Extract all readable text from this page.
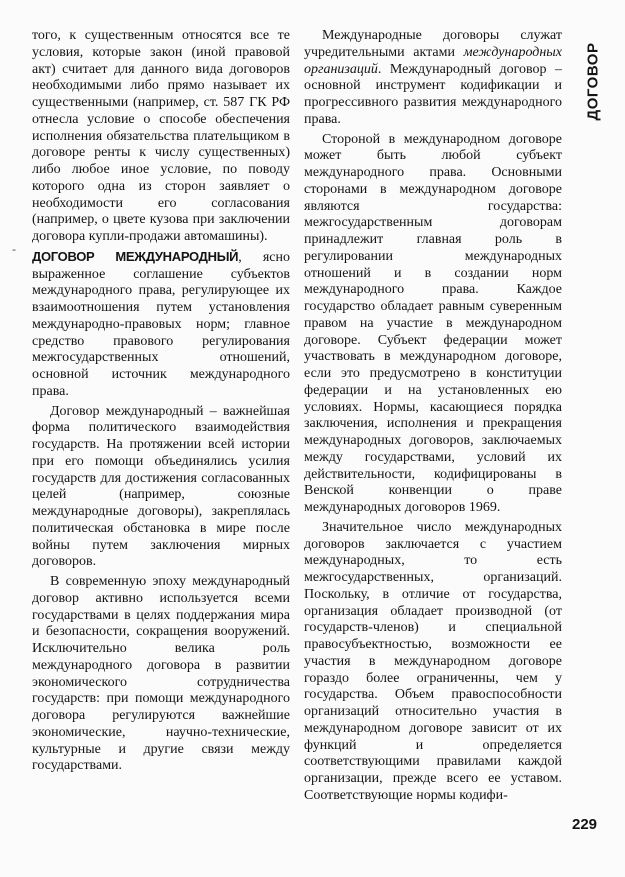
ДОГОВОР
-

того, к существенным относятся все те условия, которые закон (иной правовой акт) считает для данного вида договоров необходимыми либо прямо называет их существенными (например, ст. 587 ГК РФ отнесла условие о способе обеспечения исполнения обязательства плательщиком в договоре ренты к числу существенных) либо любое иное условие, по поводу которого одна из сторон заявляет о необходимости его согласования (например, о цвете кузова при заключении договора купли-продажи автомашины).

ДОГОВОР МЕЖДУНАРОДНЫЙ, ясно выраженное соглашение субъектов международного права, регулирующее их взаимоотношения путем установления международно-правовых норм; главное средство правового регулирования межгосударственных отношений, основной источник международного права.

Договор международный – важнейшая форма политического взаимодействия государств. На протяжении всей истории при его помощи объединялись усилия государств для достижения согласованных целей (например, союзные международные договоры), закреплялась политическая обстановка в мире после войны путем заключения мирных договоров.

В современную эпоху международный договор активно используется всеми государствами в целях поддержания мира и безопасности, сокращения вооружений. Исключительно велика роль международного договора в развитии экономического сотрудничества государств: при помощи международного договора регулируются важнейшие экономические, научно-технические, культурные и другие связи между государствами.

Международные договоры служат учредительными актами международных организаций. Международный договор – основной инструмент кодификации и прогрессивного развития международного права.

Стороной в международном договоре может быть любой субъект международного права. Основными сторонами в международном договоре являются государства: межгосударственным договорам принадлежит главная роль в регулировании международных отношений и в создании норм международного права. Каждое государство обладает равным суверенным правом на участие в международном договоре. Субъект федерации может участвовать в международном договоре, если это предусмотрено в конституции федерации и на установленных ею условиях. Нормы, касающиеся порядка заключения, исполнения и прекращения международных договоров, заключаемых между государствами, условий их действительности, кодифицированы в Венской конвенции о праве международных договоров 1969.

Значительное число международных договоров заключается с участием международных, то есть межгосударственных, организаций. Поскольку, в отличие от государства, организация обладает производной (от государств-членов) и специальной правосубъектностью, возможности ее участия в международном договоре гораздо более ограниченны, чем у государства. Объем правоспособности организаций относительно участия в международном договоре зависит от их функций и определяется соответствующими правилами каждой организации, прежде всего ее уставом. Соответствующие нормы кодифи-

229
